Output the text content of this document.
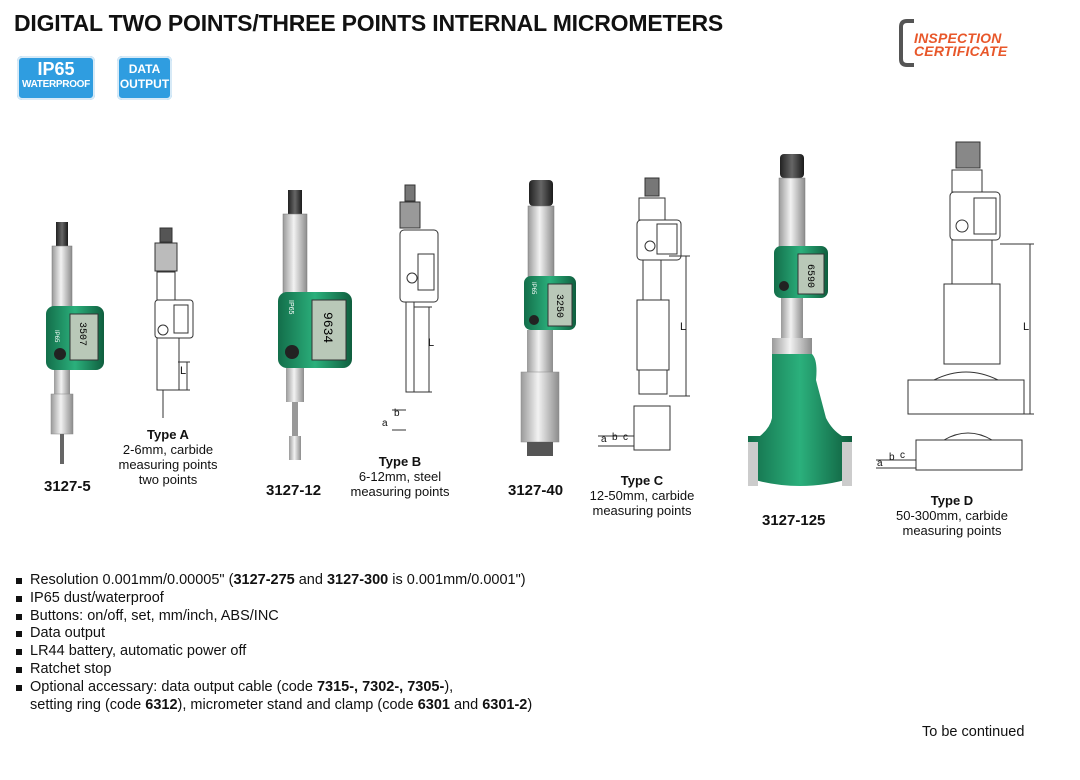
DIGITAL TWO POINTS/THREE POINTS INTERNAL MICROMETERS
IP65
WATERPROOF
DATA
OUTPUT
INSPECTION
CERTIFICATE
IP65 3507
IP65
9634
IP65
3250
6590
L
L
L	L
a
b
a b c
a
b c
3127-5	3127-12	3127-40
3127-125
Type A
2-6mm, carbide
measuring points
two points
Type B
6-12mm, steel
measuring points
Type C
12-50mm, carbide
measuring points
Type D
50-300mm, carbide
measuring points
Resolution 0.001mm/0.00005" (3127-275 and 3127-300 is 0.001mm/0.0001")
IP65 dust/waterproof
Buttons: on/off, set, mm/inch, ABS/INC
Data output
LR44 battery, automatic power off
Ratchet stop
Optional accessary: data output cable (code 7315-, 7302-, 7305-),
setting ring (code 6312), micrometer stand and clamp (code 6301 and 6301-2)
To be continued
